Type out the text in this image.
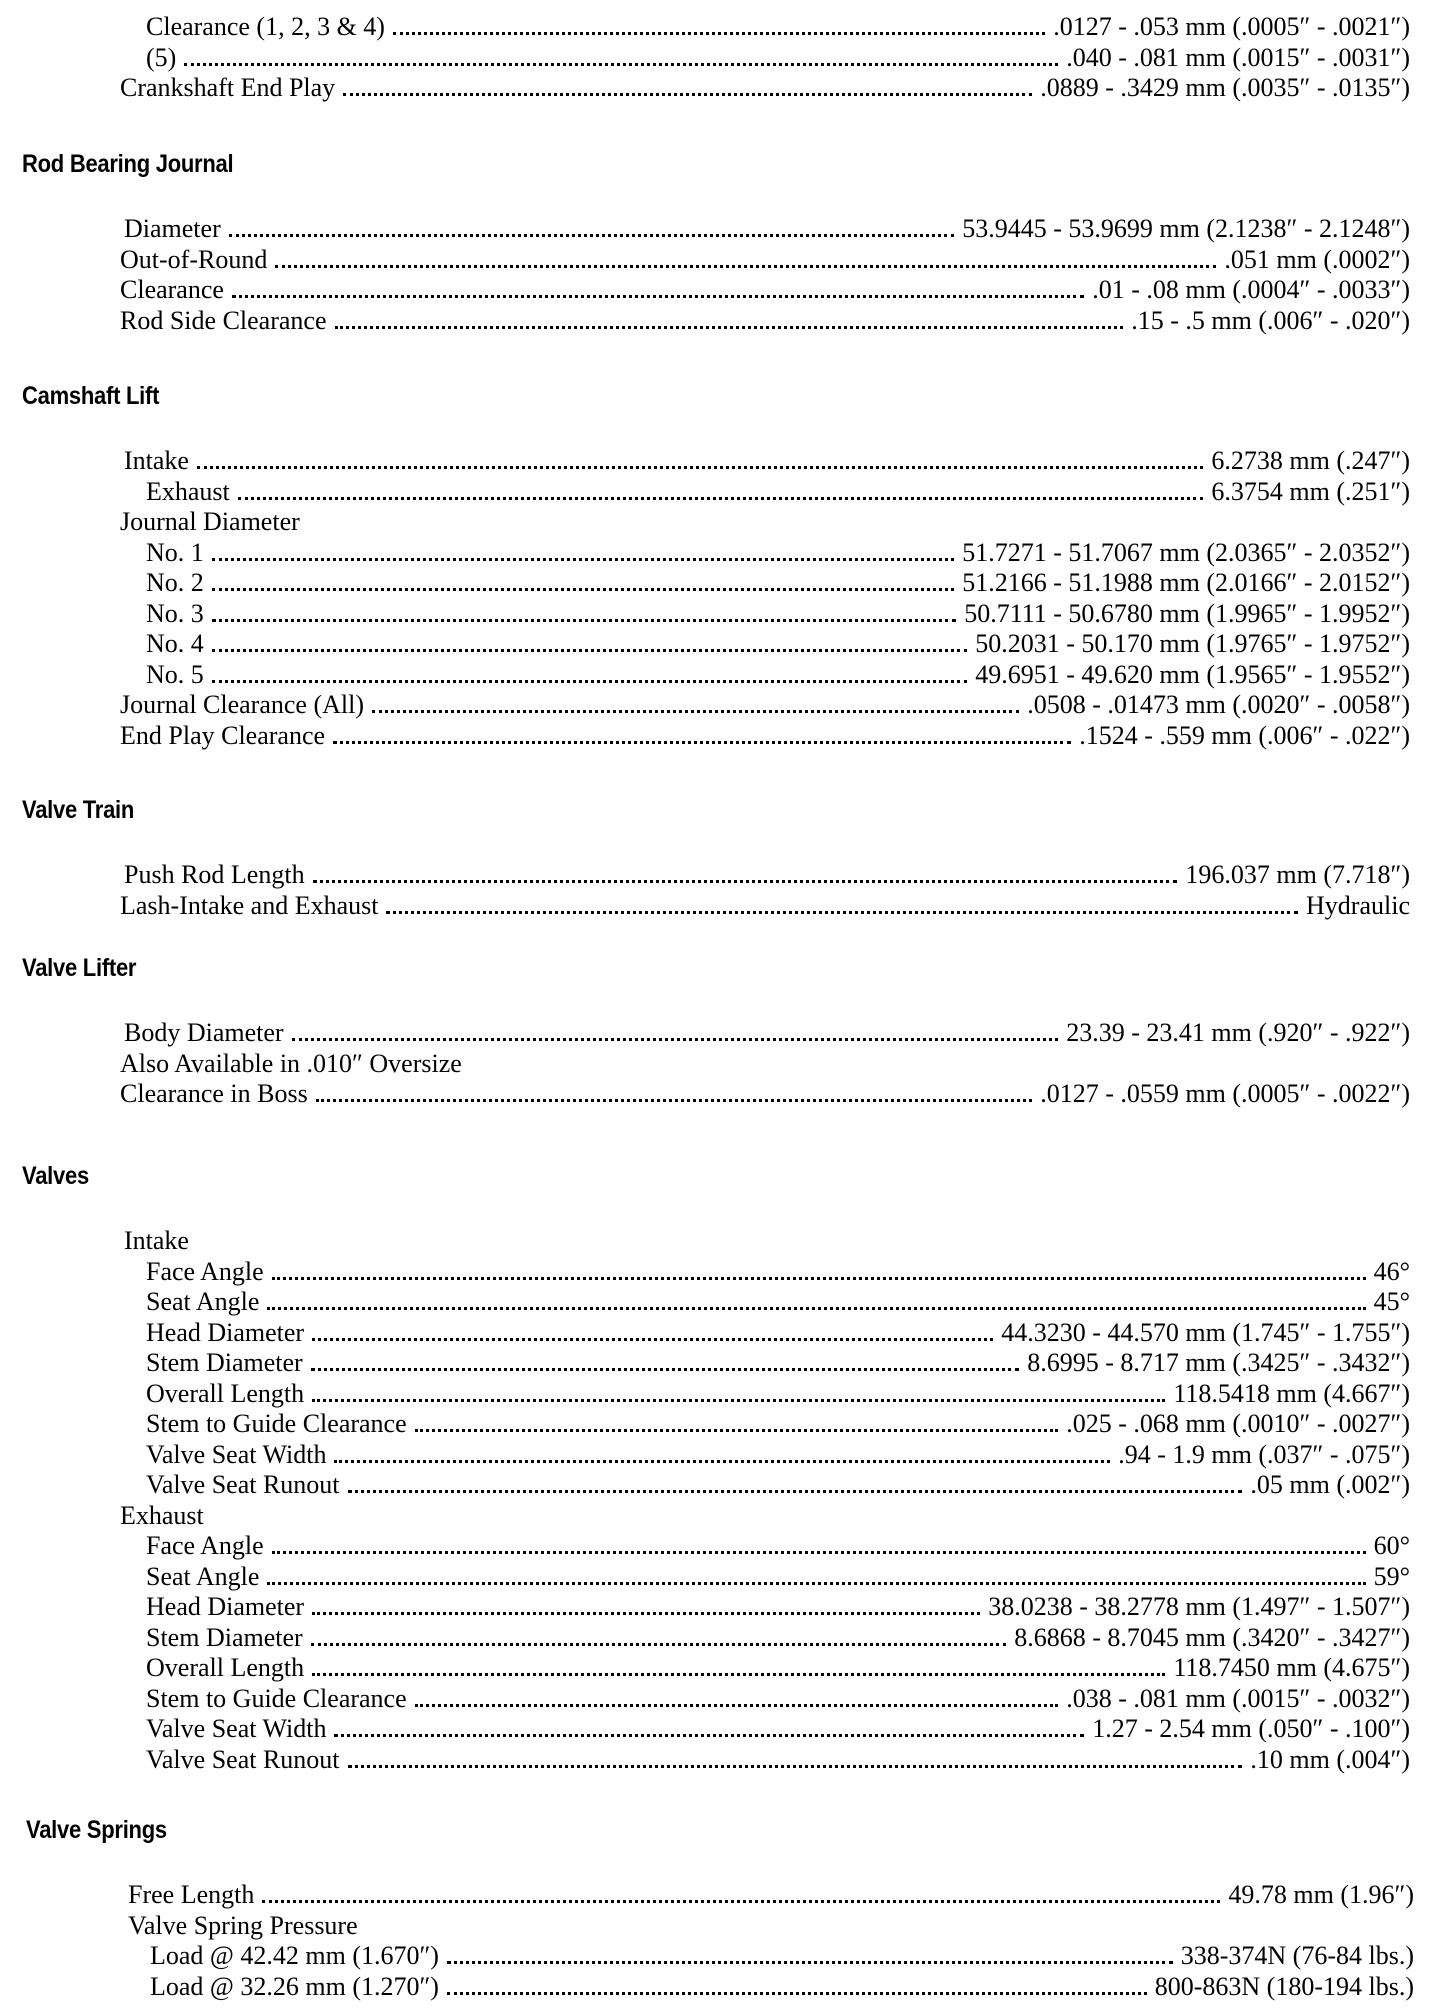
Clearance (1, 2, 3 & 4)	.0127 - .053 mm (.0005″ - .0021″)
(5)	.040 - .081 mm (.0015″ - .0031″)
Crankshaft End Play	.0889 - .3429 mm (.0035″ - .0135″)
Rod Bearing Journal
Diameter	53.9445 - 53.9699 mm (2.1238″ - 2.1248″)
Out-of-Round	.051 mm (.0002″)
Clearance	.01 - .08 mm (.0004″ - .0033″)
Rod Side Clearance	.15 - .5 mm (.006″ - .020″)
Camshaft Lift
Intake	6.2738 mm (.247″)
Exhaust	6.3754 mm (.251″)
Journal Diameter
No. 1	51.7271 - 51.7067 mm (2.0365″ - 2.0352″)
No. 2	51.2166 - 51.1988 mm (2.0166″ - 2.0152″)
No. 3	50.7111 - 50.6780 mm (1.9965″ - 1.9952″)
No. 4	50.2031 - 50.170 mm (1.9765″ - 1.9752″)
No. 5	49.6951 - 49.620 mm (1.9565″ - 1.9552″)
Journal Clearance (All)	.0508 - .01473 mm (.0020″ - .0058″)
End Play Clearance	.1524 - .559 mm (.006″ - .022″)
Valve Train
Push Rod Length	196.037 mm (7.718″)
Lash-Intake and Exhaust	Hydraulic
Valve Lifter
Body Diameter	23.39 - 23.41 mm (.920″ - .922″)
Also Available in .010″ Oversize
Clearance in Boss	.0127 - .0559 mm (.0005″ - .0022″)
Valves
Intake
Face Angle	46°
Seat Angle	45°
Head Diameter	44.3230 - 44.570 mm (1.745″ - 1.755″)
Stem Diameter	8.6995 - 8.717 mm (.3425″ - .3432″)
Overall Length	118.5418 mm (4.667″)
Stem to Guide Clearance	.025 - .068 mm (.0010″ - .0027″)
Valve Seat Width	.94 - 1.9 mm (.037″ - .075″)
Valve Seat Runout	.05 mm (.002″)
Exhaust
Face Angle	60°
Seat Angle	59°
Head Diameter	38.0238 - 38.2778 mm (1.497″ - 1.507″)
Stem Diameter	8.6868 - 8.7045 mm (.3420″ - .3427″)
Overall Length	118.7450 mm (4.675″)
Stem to Guide Clearance	.038 - .081 mm (.0015″ - .0032″)
Valve Seat Width	1.27 - 2.54 mm (.050″ - .100″)
Valve Seat Runout	.10 mm (.004″)
Valve Springs
Free Length	49.78 mm (1.96″)
Valve Spring Pressure
Load @ 42.42 mm (1.670″)	338-374N (76-84 lbs.)
Load @ 32.26 mm (1.270″)	800-863N (180-194 lbs.)
